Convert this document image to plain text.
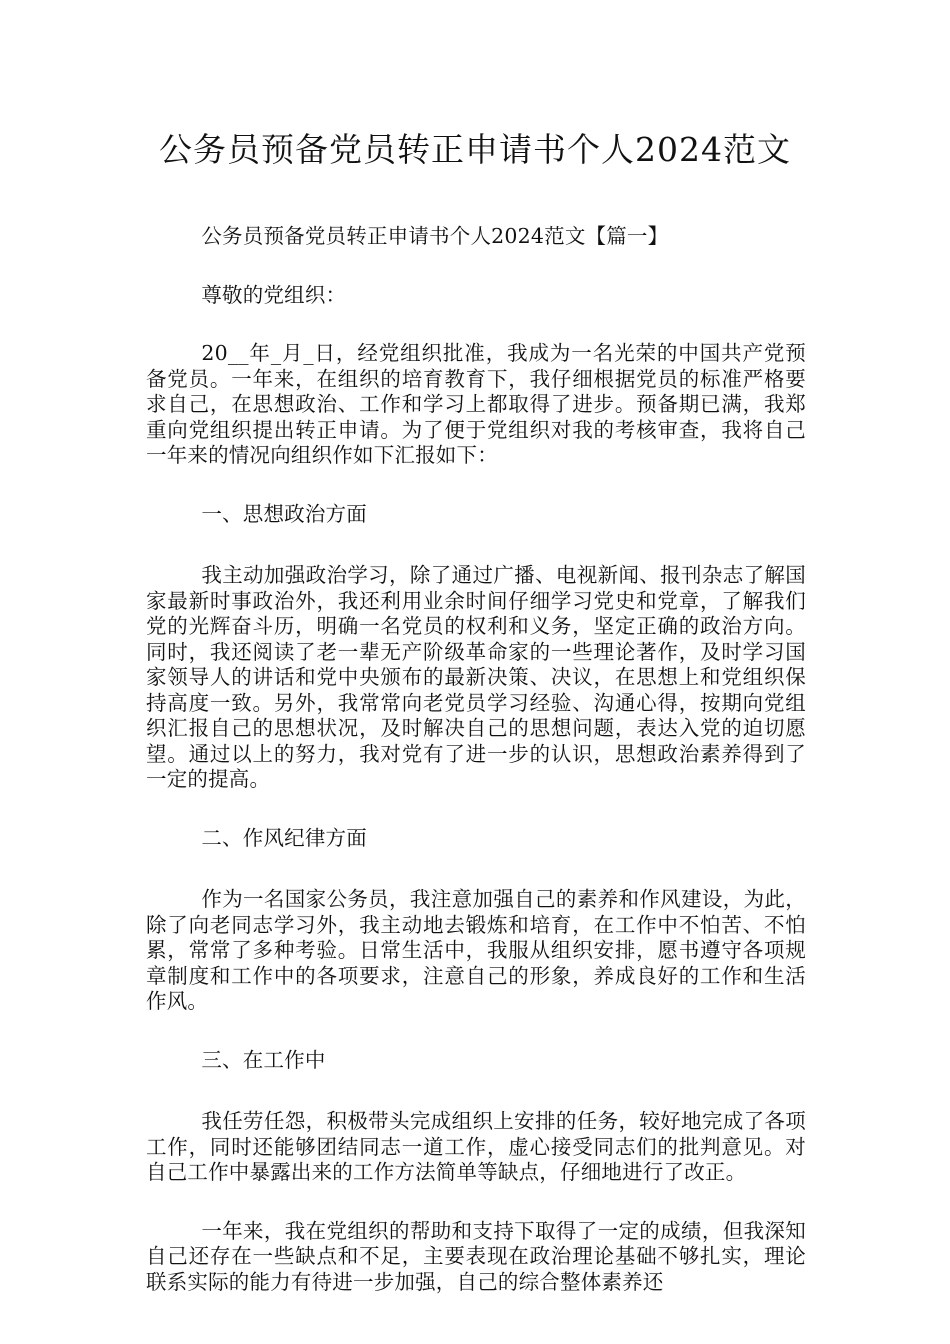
公务员预备党员转正申请书个人2024范文

公务员预备党员转正申请书个人2024范文【篇一】

尊敬的党组织：

20__年_月_日，经党组织批准，我成为一名光荣的中国共产党预备党员。一年来，在组织的培育教育下，我仔细根据党员的标准严格要求自己，在思想政治、工作和学习上都取得了进步。预备期已满，我郑重向党组织提出转正申请。为了便于党组织对我的考核审查，我将自己一年来的情况向组织作如下汇报如下：

一、思想政治方面

我主动加强政治学习，除了通过广播、电视新闻、报刊杂志了解国家最新时事政治外，我还利用业余时间仔细学习党史和党章，了解我们党的光辉奋斗历，明确一名党员的权利和义务，坚定正确的政治方向。同时，我还阅读了老一辈无产阶级革命家的一些理论著作，及时学习国家领导人的讲话和党中央颁布的最新决策、决议，在思想上和党组织保持高度一致。另外，我常常向老党员学习经验、沟通心得，按期向党组织汇报自己的思想状况，及时解决自己的思想问题，表达入党的迫切愿望。通过以上的努力，我对党有了进一步的认识，思想政治素养得到了一定的提高。

二、作风纪律方面

作为一名国家公务员，我注意加强自己的素养和作风建设，为此，除了向老同志学习外，我主动地去锻炼和培育，在工作中不怕苦、不怕累，常常了多种考验。日常生活中，我服从组织安排，愿书遵守各项规章制度和工作中的各项要求，注意自己的形象，养成良好的工作和生活作风。

三、在工作中

我任劳任怨，积极带头完成组织上安排的任务，较好地完成了各项工作，同时还能够团结同志一道工作，虚心接受同志们的批判意见。对自己工作中暴露出来的工作方法简单等缺点，仔细地进行了改正。

一年来，我在党组织的帮助和支持下取得了一定的成绩，但我深知自己还存在一些缺点和不足，主要表现在政治理论基础不够扎实，理论联系实际的能力有待进一步加强，自己的综合整体素养还
